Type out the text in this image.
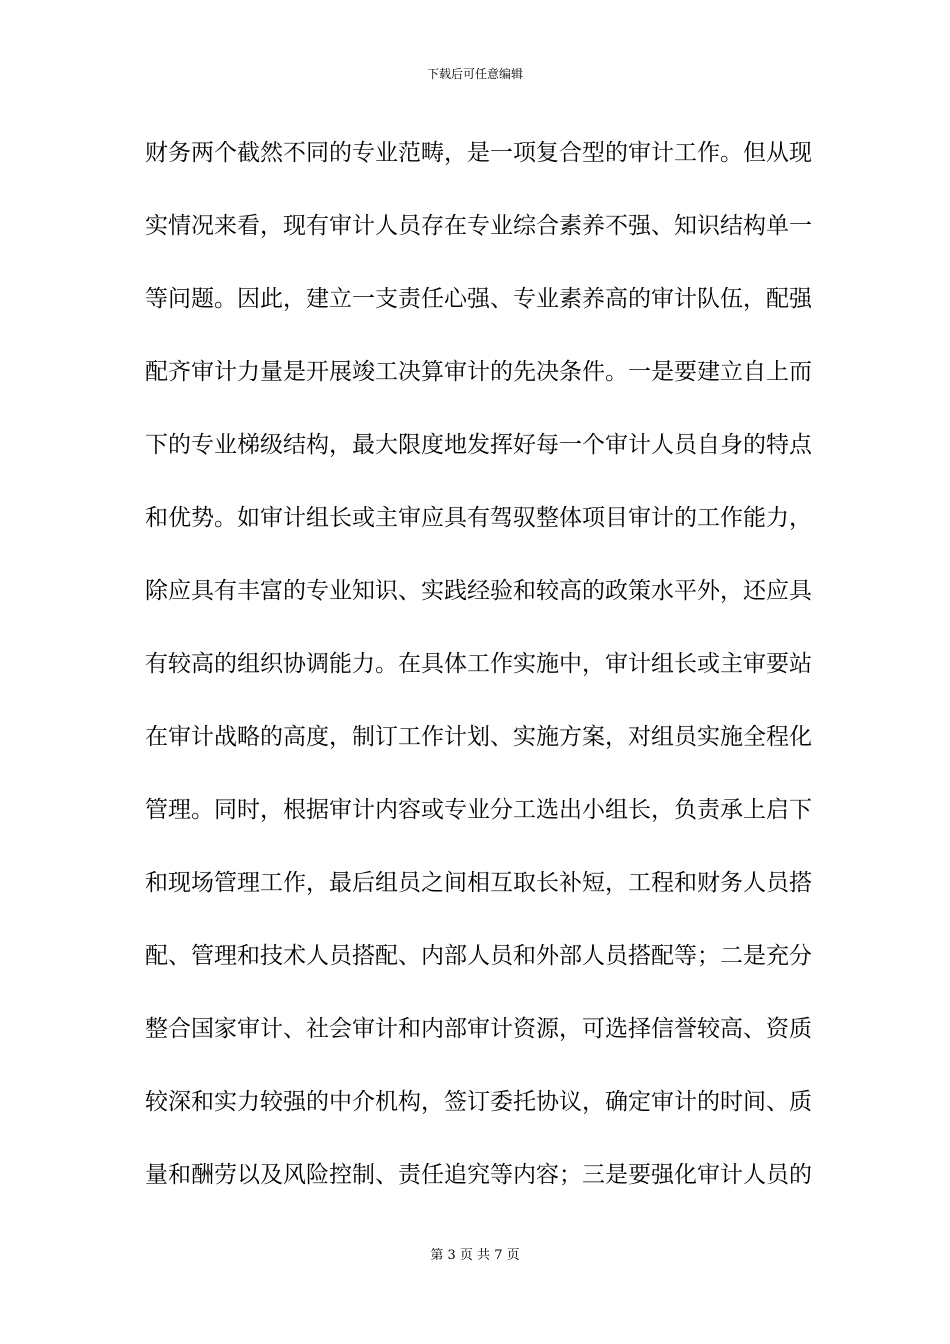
下载后可任意编辑
财务两个截然不同的专业范畴，是一项复合型的审计工作。但从现
实情况来看，现有审计人员存在专业综合素养不强、知识结构单一
等问题。因此，建立一支责任心强、专业素养高的审计队伍，配强
配齐审计力量是开展竣工决算审计的先决条件。一是要建立自上而
下的专业梯级结构，最大限度地发挥好每一个审计人员自身的特点
和优势。如审计组长或主审应具有驾驭整体项目审计的工作能力，
除应具有丰富的专业知识、实践经验和较高的政策水平外，还应具
有较高的组织协调能力。在具体工作实施中，审计组长或主审要站
在审计战略的高度，制订工作计划、实施方案，对组员实施全程化
管理。同时，根据审计内容或专业分工选出小组长，负责承上启下
和现场管理工作，最后组员之间相互取长补短，工程和财务人员搭
配、管理和技术人员搭配、内部人员和外部人员搭配等；二是充分
整合国家审计、社会审计和内部审计资源，可选择信誉较高、资质
较深和实力较强的中介机构，签订委托协议，确定审计的时间、质
量和酬劳以及风险控制、责任追究等内容；三是要强化审计人员的
第 3 页 共 7 页
